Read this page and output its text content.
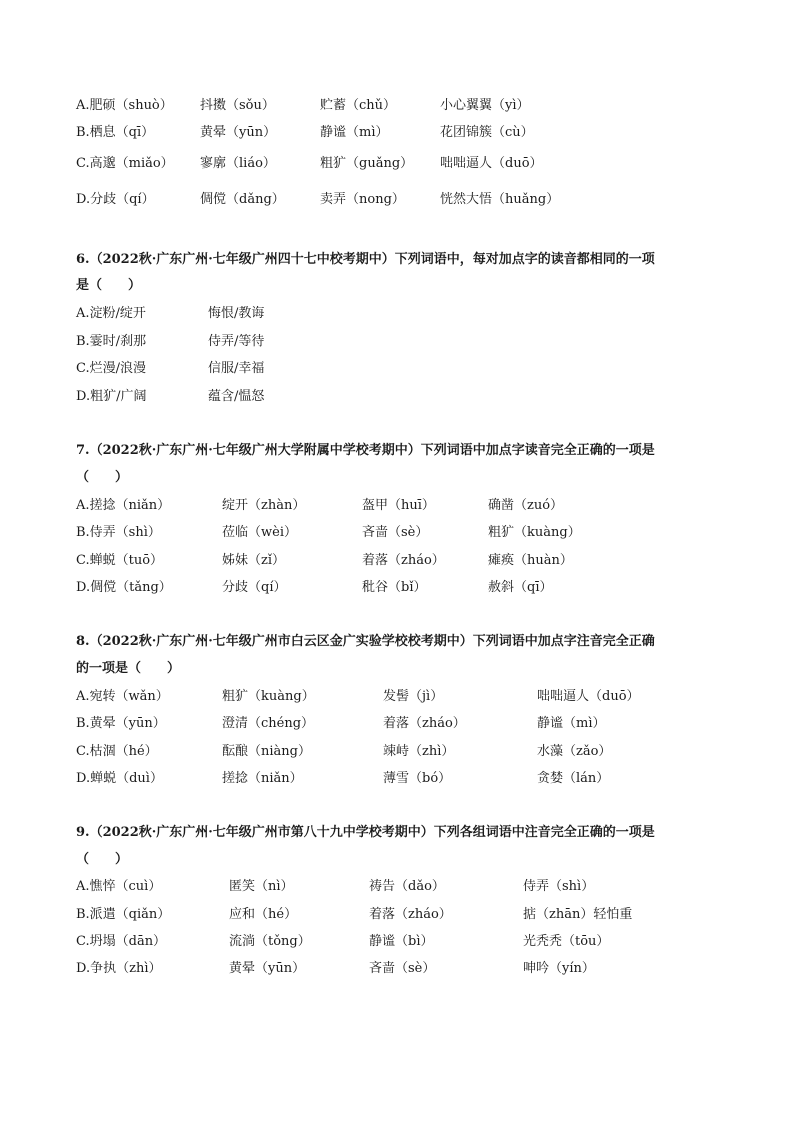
A.肥硕（shuò） 抖擞（sǒu）	贮蓄（chǔ）	小心翼翼（yì）
B.栖息（qī）	黄晕（yūn）	静谧（mì）	花团锦簇（cù）
C.高邈（miǎo） 寥廓（liáo）	粗犷（guǎng） 咄咄逼人（duō）
D.分歧（qí）	倜傥（dǎng）	卖弄（nong）	恍然大悟（huǎng）
6.（2022秋·广东广州·七年级广州四十七中校考期中）下列词语中，每对加点字的读音都相同的一项
是（　　）
A.淀粉/绽开	悔恨/教诲
B.霎时/刹那	侍弄/等待
C.烂漫/浪漫	信服/幸福
D.粗犷/广阔	蕴含/愠怒
7.（2022秋·广东广州·七年级广州大学附属中学校考期中）下列词语中加点字读音完全正确的一项是
（　　）
A.搓捻（niǎn）	绽开（zhàn）	盔甲（huī）	确凿（zuó）
B.侍弄（shì）	莅临（wèi）	吝啬（sè）	粗犷（kuàng）
C.蝉蜕（tuō）	姊妹（zǐ）	着落（zháo）	瘫痪（huàn）
D.倜傥（tǎng）	分歧（qí）	秕谷（bǐ）	赦斜（qī）
8.（2022秋·广东广州·七年级广州市白云区金广实验学校校考期中）下列词语中加点字注音完全正确
的一项是（　　）
A.宛转（wǎn）	粗犷（kuàng）	发髻（jì）	咄咄逼人（duō）
B.黄晕（yūn）	澄清（chéng）	着落（zháo）	静谧（mì）
C.枯涸（hé）	酝酿（niàng）	竦峙（zhì）	水藻（zǎo）
D.蝉蜕（duì）	搓捻（niǎn）	薄雪（bó）	贪婪（lán）
9.（2022秋·广东广州·七年级广州市第八十九中学校考期中）下列各组词语中注音完全正确的一项是
（　　）
A.憔悴（cuì）	匿笑（nì）	祷告（dǎo）	侍弄（shì）
B.派遣（qiǎn）	应和（hé）	着落（zháo）	掂（zhān）轻怕重
C.坍塌（dān）	流淌（tǒng）	静谧（bì）	光秃秃（tōu）
D.争执（zhì）	黄晕（yūn）	吝啬（sè）	呻吟（yín）
